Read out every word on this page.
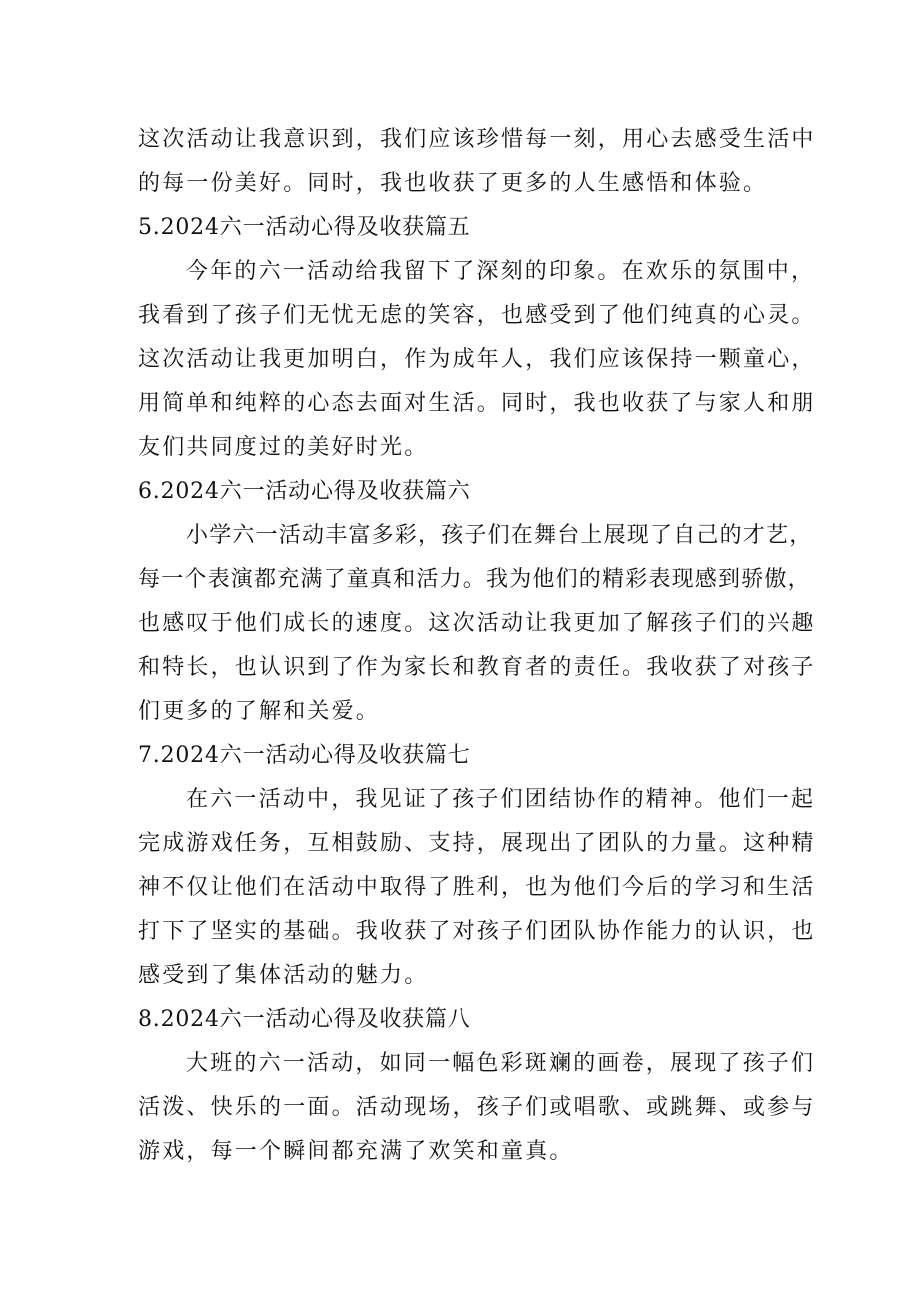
这次活动让我意识到，我们应该珍惜每一刻，用心去感受生活中
的每一份美好。同时，我也收获了更多的人生感悟和体验。
5.2024六一活动心得及收获篇五
今年的六一活动给我留下了深刻的印象。在欢乐的氛围中，
我看到了孩子们无忧无虑的笑容，也感受到了他们纯真的心灵。
这次活动让我更加明白，作为成年人，我们应该保持一颗童心，
用简单和纯粹的心态去面对生活。同时，我也收获了与家人和朋
友们共同度过的美好时光。
6.2024六一活动心得及收获篇六
小学六一活动丰富多彩，孩子们在舞台上展现了自己的才艺，
每一个表演都充满了童真和活力。我为他们的精彩表现感到骄傲，
也感叹于他们成长的速度。这次活动让我更加了解孩子们的兴趣
和特长，也认识到了作为家长和教育者的责任。我收获了对孩子
们更多的了解和关爱。
7.2024六一活动心得及收获篇七
在六一活动中，我见证了孩子们团结协作的精神。他们一起
完成游戏任务，互相鼓励、支持，展现出了团队的力量。这种精
神不仅让他们在活动中取得了胜利，也为他们今后的学习和生活
打下了坚实的基础。我收获了对孩子们团队协作能力的认识，也
感受到了集体活动的魅力。
8.2024六一活动心得及收获篇八
大班的六一活动，如同一幅色彩斑斓的画卷，展现了孩子们
活泼、快乐的一面。活动现场，孩子们或唱歌、或跳舞、或参与
游戏，每一个瞬间都充满了欢笑和童真。
